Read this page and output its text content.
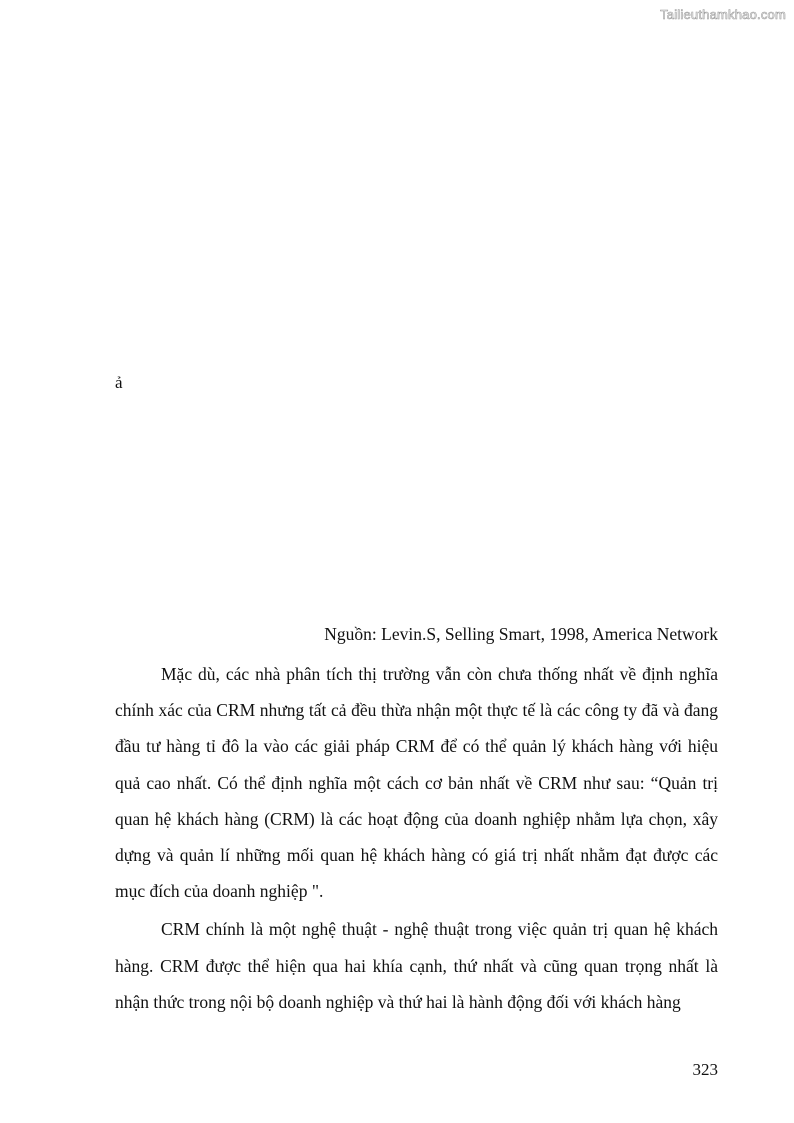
Tailieuthamkhao.com
ả
Nguồn: Levin.S, Selling Smart, 1998, America Network

Mặc dù, các nhà phân tích thị trường vẫn còn chưa thống nhất về định nghĩa chính xác của CRM nhưng tất cả đều thừa nhận một thực tế là các công ty đã và đang đầu tư hàng tỉ đô la vào các giải pháp CRM để có thể quản lý khách hàng với hiệu quả cao nhất. Có thể định nghĩa một cách cơ bản nhất về CRM như sau: “Quản trị quan hệ khách hàng (CRM) là các hoạt động của doanh nghiệp nhằm lựa chọn, xây dựng và quản lí những mối quan hệ khách hàng có giá trị nhất nhằm đạt được các mục đích của doanh nghiệp ".

CRM chính là một nghệ thuật - nghệ thuật trong việc quản trị quan hệ khách hàng. CRM được thể hiện qua hai khía cạnh, thứ nhất và cũng quan trọng nhất là nhận thức trong nội bộ doanh nghiệp và thứ hai là hành động đối với khách hàng

323
